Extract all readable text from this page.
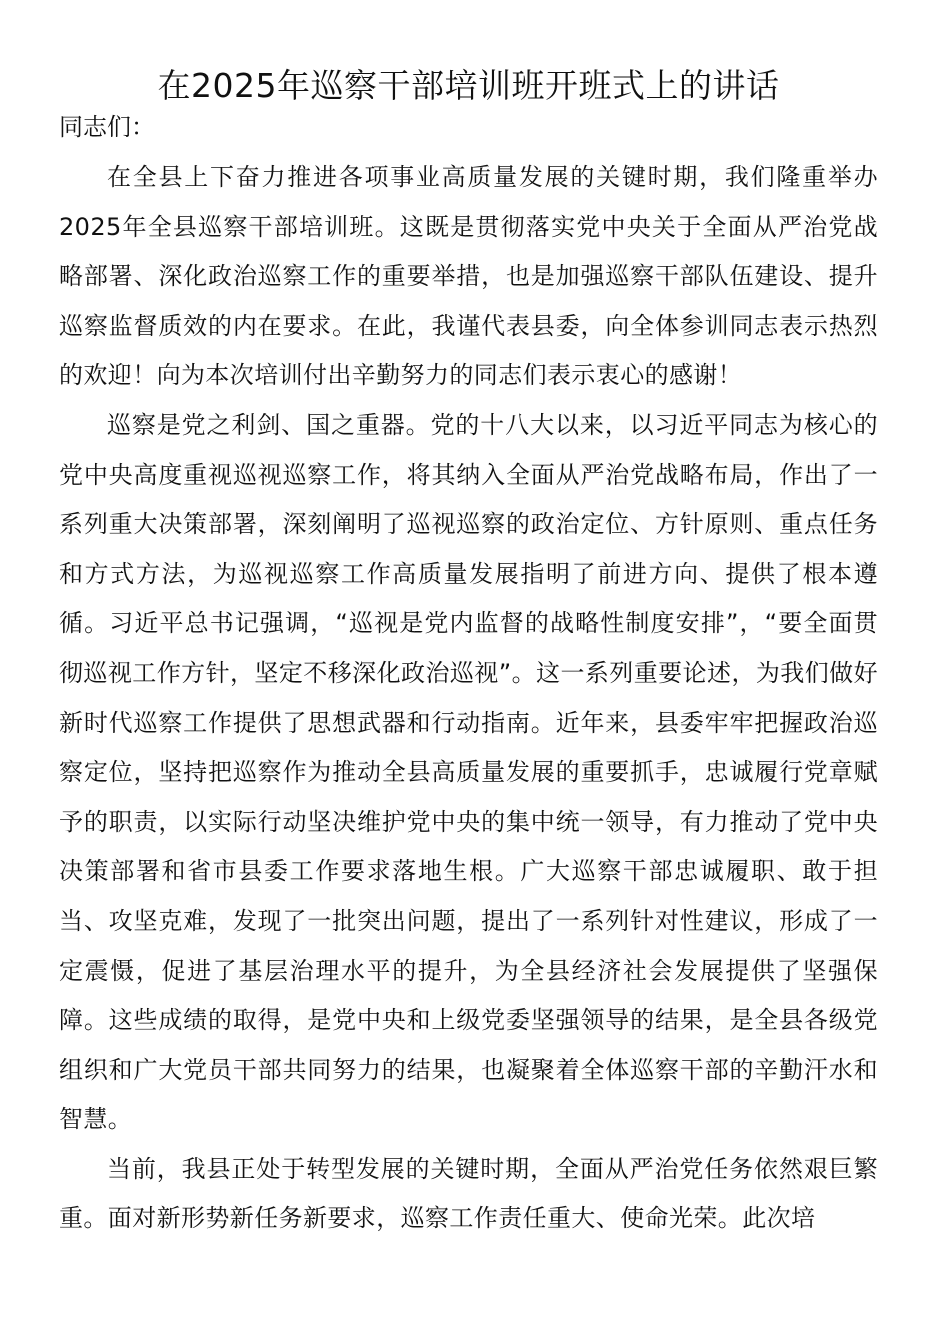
在2025年巡察干部培训班开班式上的讲话

同志们：

在全县上下奋力推进各项事业高质量发展的关键时期，我们隆重举办2025年全县巡察干部培训班。这既是贯彻落实党中央关于全面从严治党战略部署、深化政治巡察工作的重要举措，也是加强巡察干部队伍建设、提升巡察监督质效的内在要求。在此，我谨代表县委，向全体参训同志表示热烈的欢迎！向为本次培训付出辛勤努力的同志们表示衷心的感谢！

巡察是党之利剑、国之重器。党的十八大以来，以习近平同志为核心的党中央高度重视巡视巡察工作，将其纳入全面从严治党战略布局，作出了一系列重大决策部署，深刻阐明了巡视巡察的政治定位、方针原则、重点任务和方式方法，为巡视巡察工作高质量发展指明了前进方向、提供了根本遵循。习近平总书记强调，“巡视是党内监督的战略性制度安排”，“要全面贯彻巡视工作方针，坚定不移深化政治巡视”。这一系列重要论述，为我们做好新时代巡察工作提供了思想武器和行动指南。近年来，县委牢牢把握政治巡察定位，坚持把巡察作为推动全县高质量发展的重要抓手，忠诚履行党章赋予的职责，以实际行动坚决维护党中央的集中统一领导，有力推动了党中央决策部署和省市县委工作要求落地生根。广大巡察干部忠诚履职、敢于担当、攻坚克难，发现了一批突出问题，提出了一系列针对性建议，形成了一定震慑，促进了基层治理水平的提升，为全县经济社会发展提供了坚强保障。这些成绩的取得，是党中央和上级党委坚强领导的结果，是全县各级党组织和广大党员干部共同努力的结果，也凝聚着全体巡察干部的辛勤汗水和智慧。

当前，我县正处于转型发展的关键时期，全面从严治党任务依然艰巨繁重。面对新形势新任务新要求，巡察工作责任重大、使命光荣。此次培
